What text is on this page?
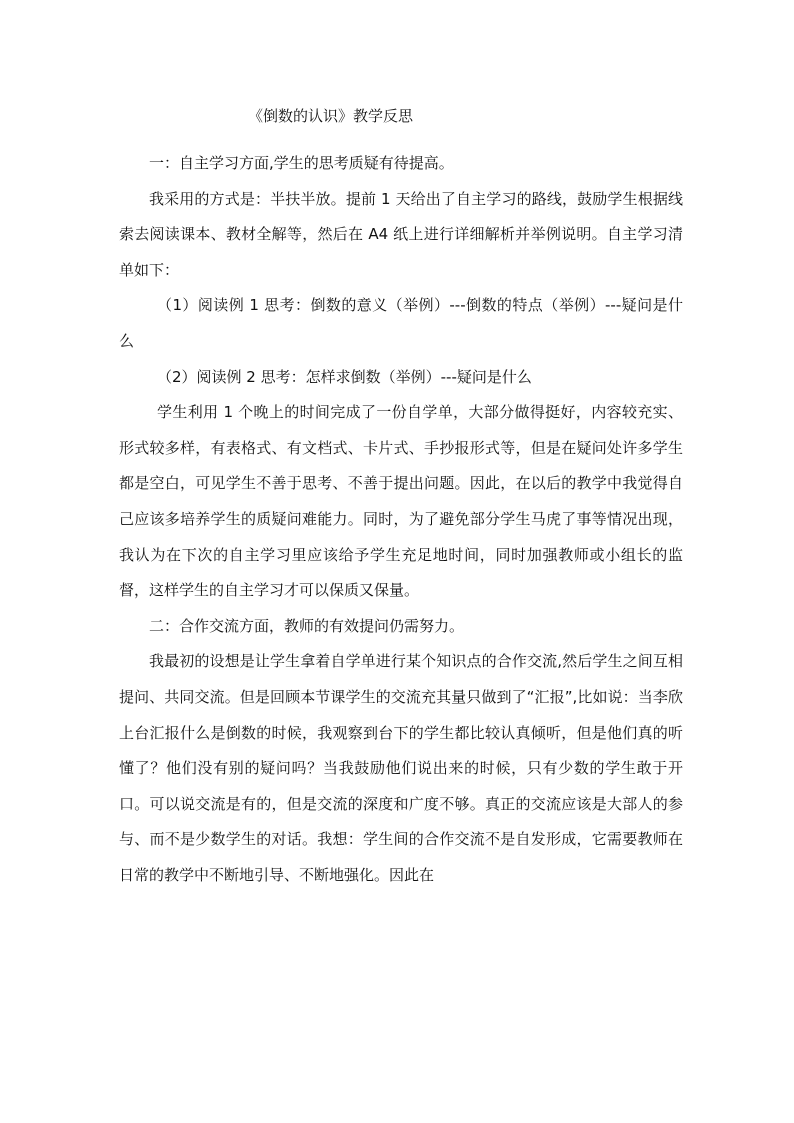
《倒数的认识》教学反思

一：自主学习方面,学生的思考质疑有待提高。

我采用的方式是：半扶半放。提前 1 天给出了自主学习的路线，鼓励学生根据线索去阅读课本、教材全解等，然后在 A4 纸上进行详细解析并举例说明。自主学习清单如下：

（1）阅读例 1 思考：倒数的意义（举例）---倒数的特点（举例）---疑问是什么

（2）阅读例 2 思考：怎样求倒数（举例）---疑问是什么

学生利用 1 个晚上的时间完成了一份自学单，大部分做得挺好，内容较充实、形式较多样，有表格式、有文档式、卡片式、手抄报形式等，但是在疑问处许多学生都是空白，可见学生不善于思考、不善于提出问题。因此，在以后的教学中我觉得自己应该多培养学生的质疑问难能力。同时，为了避免部分学生马虎了事等情况出现，我认为在下次的自主学习里应该给予学生充足地时间，同时加强教师或小组长的监督，这样学生的自主学习才可以保质又保量。

二：合作交流方面，教师的有效提问仍需努力。

我最初的设想是让学生拿着自学单进行某个知识点的合作交流,然后学生之间互相提问、共同交流。但是回顾本节课学生的交流充其量只做到了“汇报”,比如说：当李欣上台汇报什么是倒数的时候，我观察到台下的学生都比较认真倾听，但是他们真的听懂了？他们没有别的疑问吗？当我鼓励他们说出来的时候，只有少数的学生敢于开口。可以说交流是有的，但是交流的深度和广度不够。真正的交流应该是大部人的参与、而不是少数学生的对话。我想：学生间的合作交流不是自发形成，它需要教师在日常的教学中不断地引导、不断地强化。因此在
